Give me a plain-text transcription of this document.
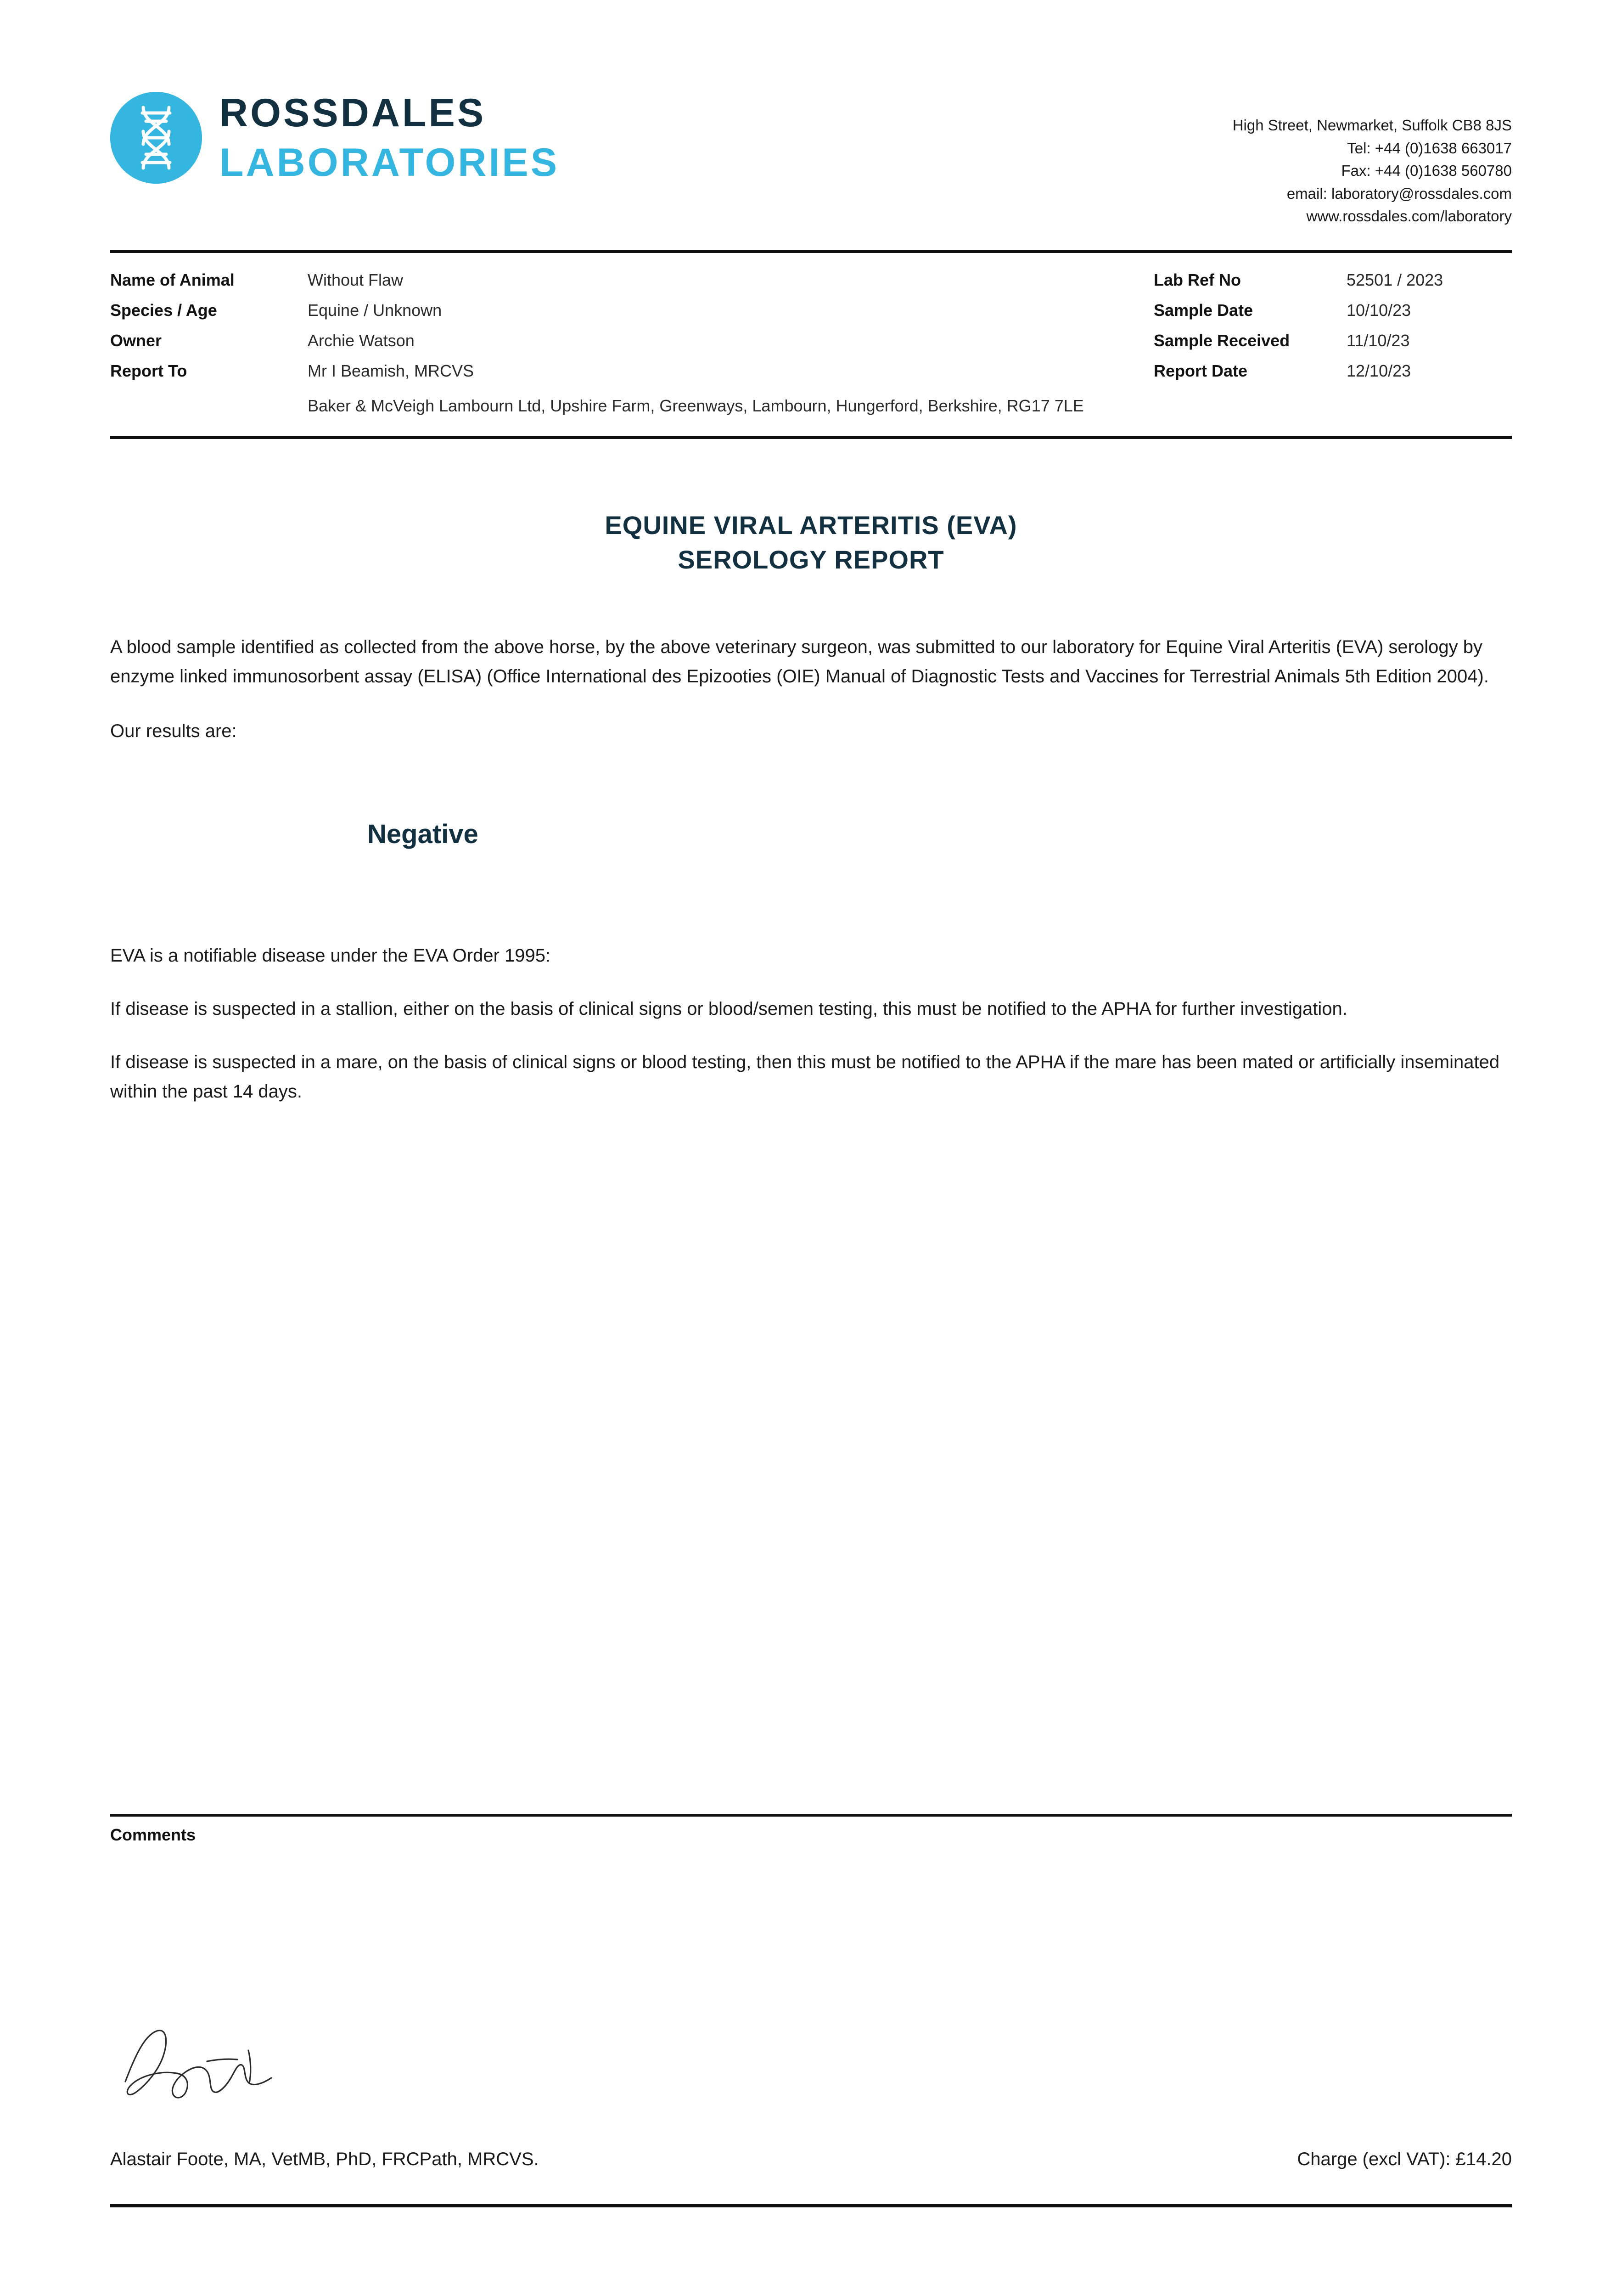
ROSSDALES
LABORATORIES
High Street, Newmarket, Suffolk CB8 8JS
Tel: +44 (0)1638 663017
Fax: +44 (0)1638 560780
email: laboratory@rossdales.com
www.rossdales.com/laboratory
Name of Animal	Without Flaw	Lab Ref No	52501 / 2023
Species / Age	Equine / Unknown	Sample Date	10/10/23
Owner	Archie Watson	Sample Received	11/10/23
Report To	Mr I Beamish, MRCVS	Report Date	12/10/23
Baker & McVeigh Lambourn Ltd, Upshire Farm, Greenways, Lambourn, Hungerford, Berkshire, RG17 7LE
EQUINE VIRAL ARTERITIS (EVA)
SEROLOGY REPORT
A blood sample identified as collected from the above horse, by the above veterinary surgeon, was submitted to our laboratory for Equine Viral Arteritis (EVA) serology by enzyme linked immunosorbent assay (ELISA) (Office International des Epizooties (OIE) Manual of Diagnostic Tests and Vaccines for Terrestrial Animals 5th Edition 2004).
Our results are:
Negative
EVA is a notifiable disease under the EVA Order 1995:
If disease is suspected in a stallion, either on the basis of clinical signs or blood/semen testing, this must be notified to the APHA for further investigation.
If disease is suspected in a mare, on the basis of clinical signs or blood testing, then this must be notified to the APHA if the mare has been mated or artificially inseminated within the past 14 days.
Comments
Alastair Foote, MA, VetMB, PhD, FRCPath, MRCVS.	Charge (excl VAT): £14.20
